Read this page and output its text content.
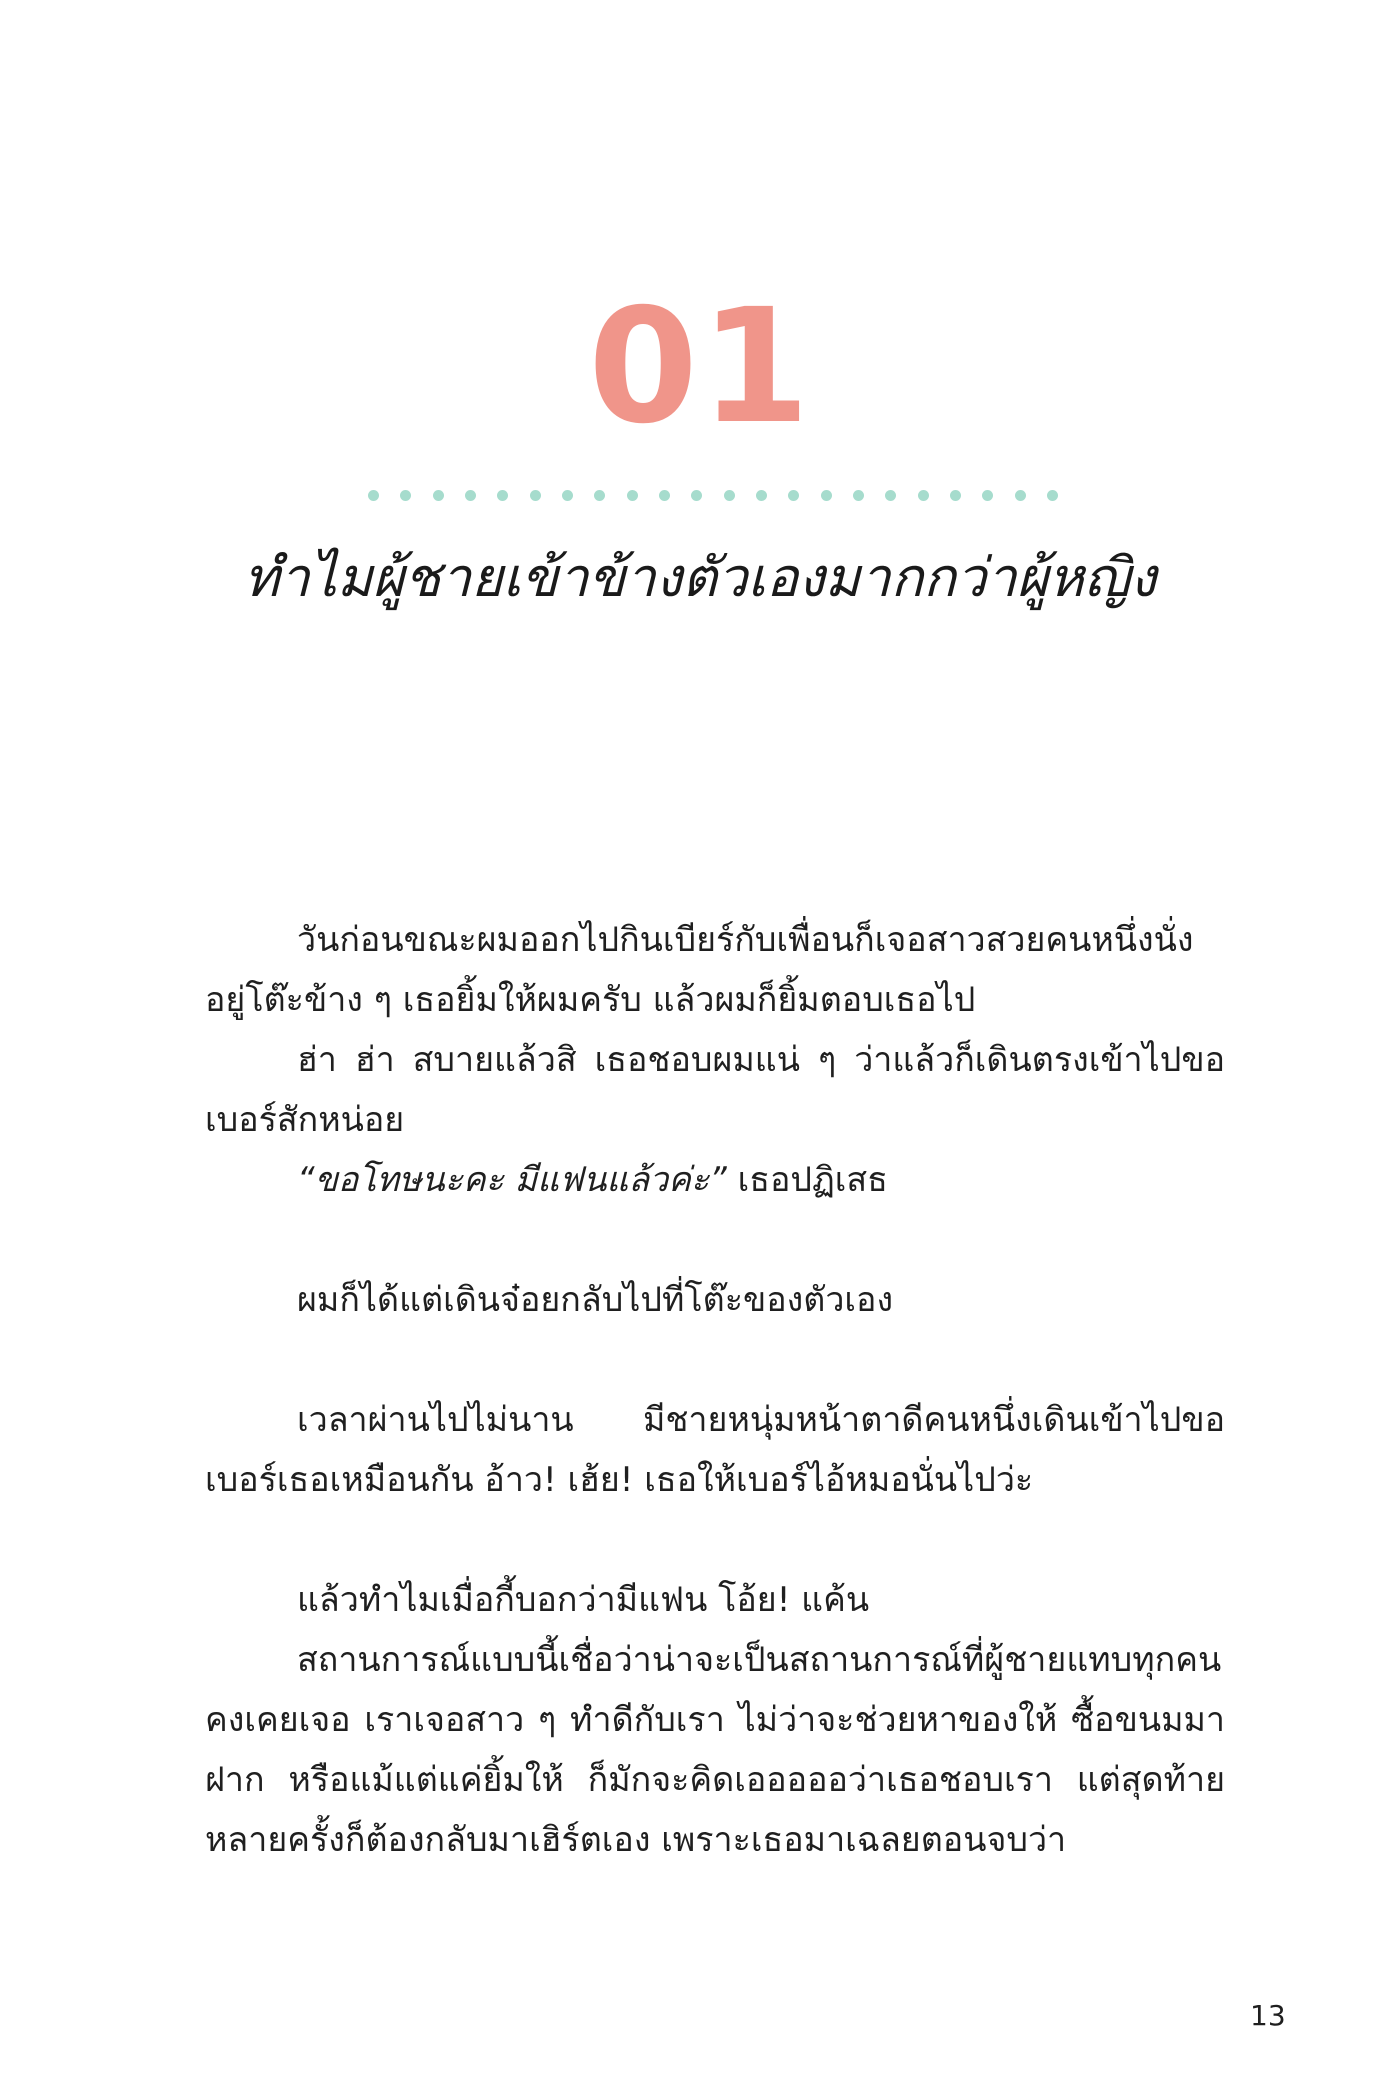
01
ทำไมผู้ชายเข้าข้างตัวเองมากกว่าผู้หญิง

วันก่อนขณะผมออกไปกินเบียร์กับเพื่อนก็เจอสาวสวยคนหนึ่งนั่งอยู่โต๊ะข้าง ๆ เธอยิ้มให้ผมครับ แล้วผมก็ยิ้มตอบเธอไป

ฮ่า ฮ่า สบายแล้วสิ เธอชอบผมแน่ ๆ ว่าแล้วก็เดินตรงเข้าไปขอเบอร์สักหน่อย

“ขอโทษนะคะ มีแฟนแล้วค่ะ” เธอปฏิเสธ

ผมก็ได้แต่เดินจ๋อยกลับไปที่โต๊ะของตัวเอง

เวลาผ่านไปไม่นาน มีชายหนุ่มหน้าตาดีคนหนึ่งเดินเข้าไปขอเบอร์เธอเหมือนกัน อ้าว! เฮ้ย! เธอให้เบอร์ไอ้หมอนั่นไปว่ะ

แล้วทำไมเมื่อกี้บอกว่ามีแฟน โอ้ย! แค้น

สถานการณ์แบบนี้เชื่อว่าน่าจะเป็นสถานการณ์ที่ผู้ชายแทบทุกคนคงเคยเจอ เราเจอสาว ๆ ทำดีกับเรา ไม่ว่าจะช่วยหาของให้ ซื้อขนมมาฝาก หรือแม้แต่แค่ยิ้มให้ ก็มักจะคิดเอออออว่าเธอชอบเรา แต่สุดท้ายหลายครั้งก็ต้องกลับมาเฮิร์ตเอง เพราะเธอมาเฉลยตอนจบว่า

13
